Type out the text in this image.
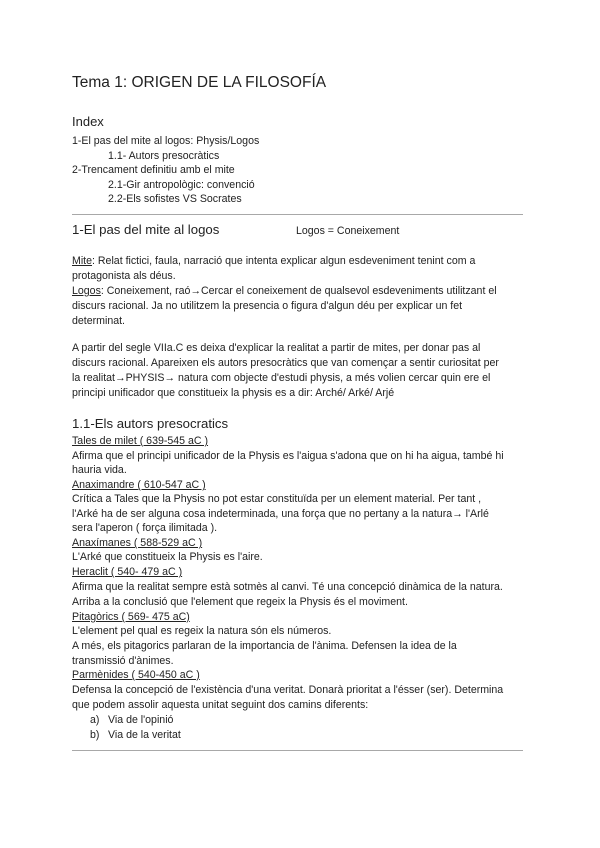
Tema 1: ORIGEN DE LA FILOSOFÍA
Index
1-El pas del mite al logos: Physis/Logos
1.1- Autors presocràtics
2-Trencament definitiu amb el mite
2.1-Gir antropològic: convenció
2.2-Els sofistes VS Socrates
1-El pas del mite al logos	Logos = Coneixement
Mite: Relat fictici, faula, narració que intenta explicar algun esdeveniment tenint com a
protagonista als déus.
Logos: Coneixement, raó→Cercar el coneixement de qualsevol esdeveniments utilitzant el
discurs racional. Ja no utilitzem la presencia o figura d'algun déu per explicar un fet
determinat.
A partir del segle VIIa.C es deixa d'explicar la realitat a partir de mites, per donar pas al
discurs racional. Apareixen els autors presocràtics que van començar a sentir curiositat per
la realitat→PHYSIS→ natura com objecte d'estudi physis, a més volien cercar quin ere el
principi unificador que constitueix la physis es a dir: Arché/ Arké/ Arjé
1.1-Els autors presocratics
Tales de milet ( 639-545 aC )
Afirma que el principi unificador de la Physis es l'aigua s'adona que on hi ha aigua, també hi
hauria vida.
Anaximandre ( 610-547 aC )
Crítica a Tales que la Physis no pot estar constituïda per un element material. Per tant ,
l'Arké ha de ser alguna cosa indeterminada, una força que no pertany a la natura→ l'Arlé
sera l'aperon ( força ilimitada ).
Anaxímanes ( 588-529 aC )
L'Arké que constitueix la Physis es l'aire.
Heraclit ( 540- 479 aC )
Afirma que la realitat sempre està sotmès al canvi. Té una concepció dinàmica de la natura.
Arriba a la conclusió que l'element que regeix la Physis és el moviment.
Pitagòrics ( 569- 475 aC)
L'element pel qual es regeix la natura són els números.
A més, els pitagorics parlaran de la importancia de l'ànima. Defensen la idea de la
transmissió d'ànimes.
Parmènides ( 540-450 aC )
Defensa la concepció de l'existència d'una veritat. Donarà prioritat a l'ésser (ser). Determina
que podem assolir aquesta unitat seguint dos camins diferents:
a) Via de l'opinió
b) Via de la veritat
